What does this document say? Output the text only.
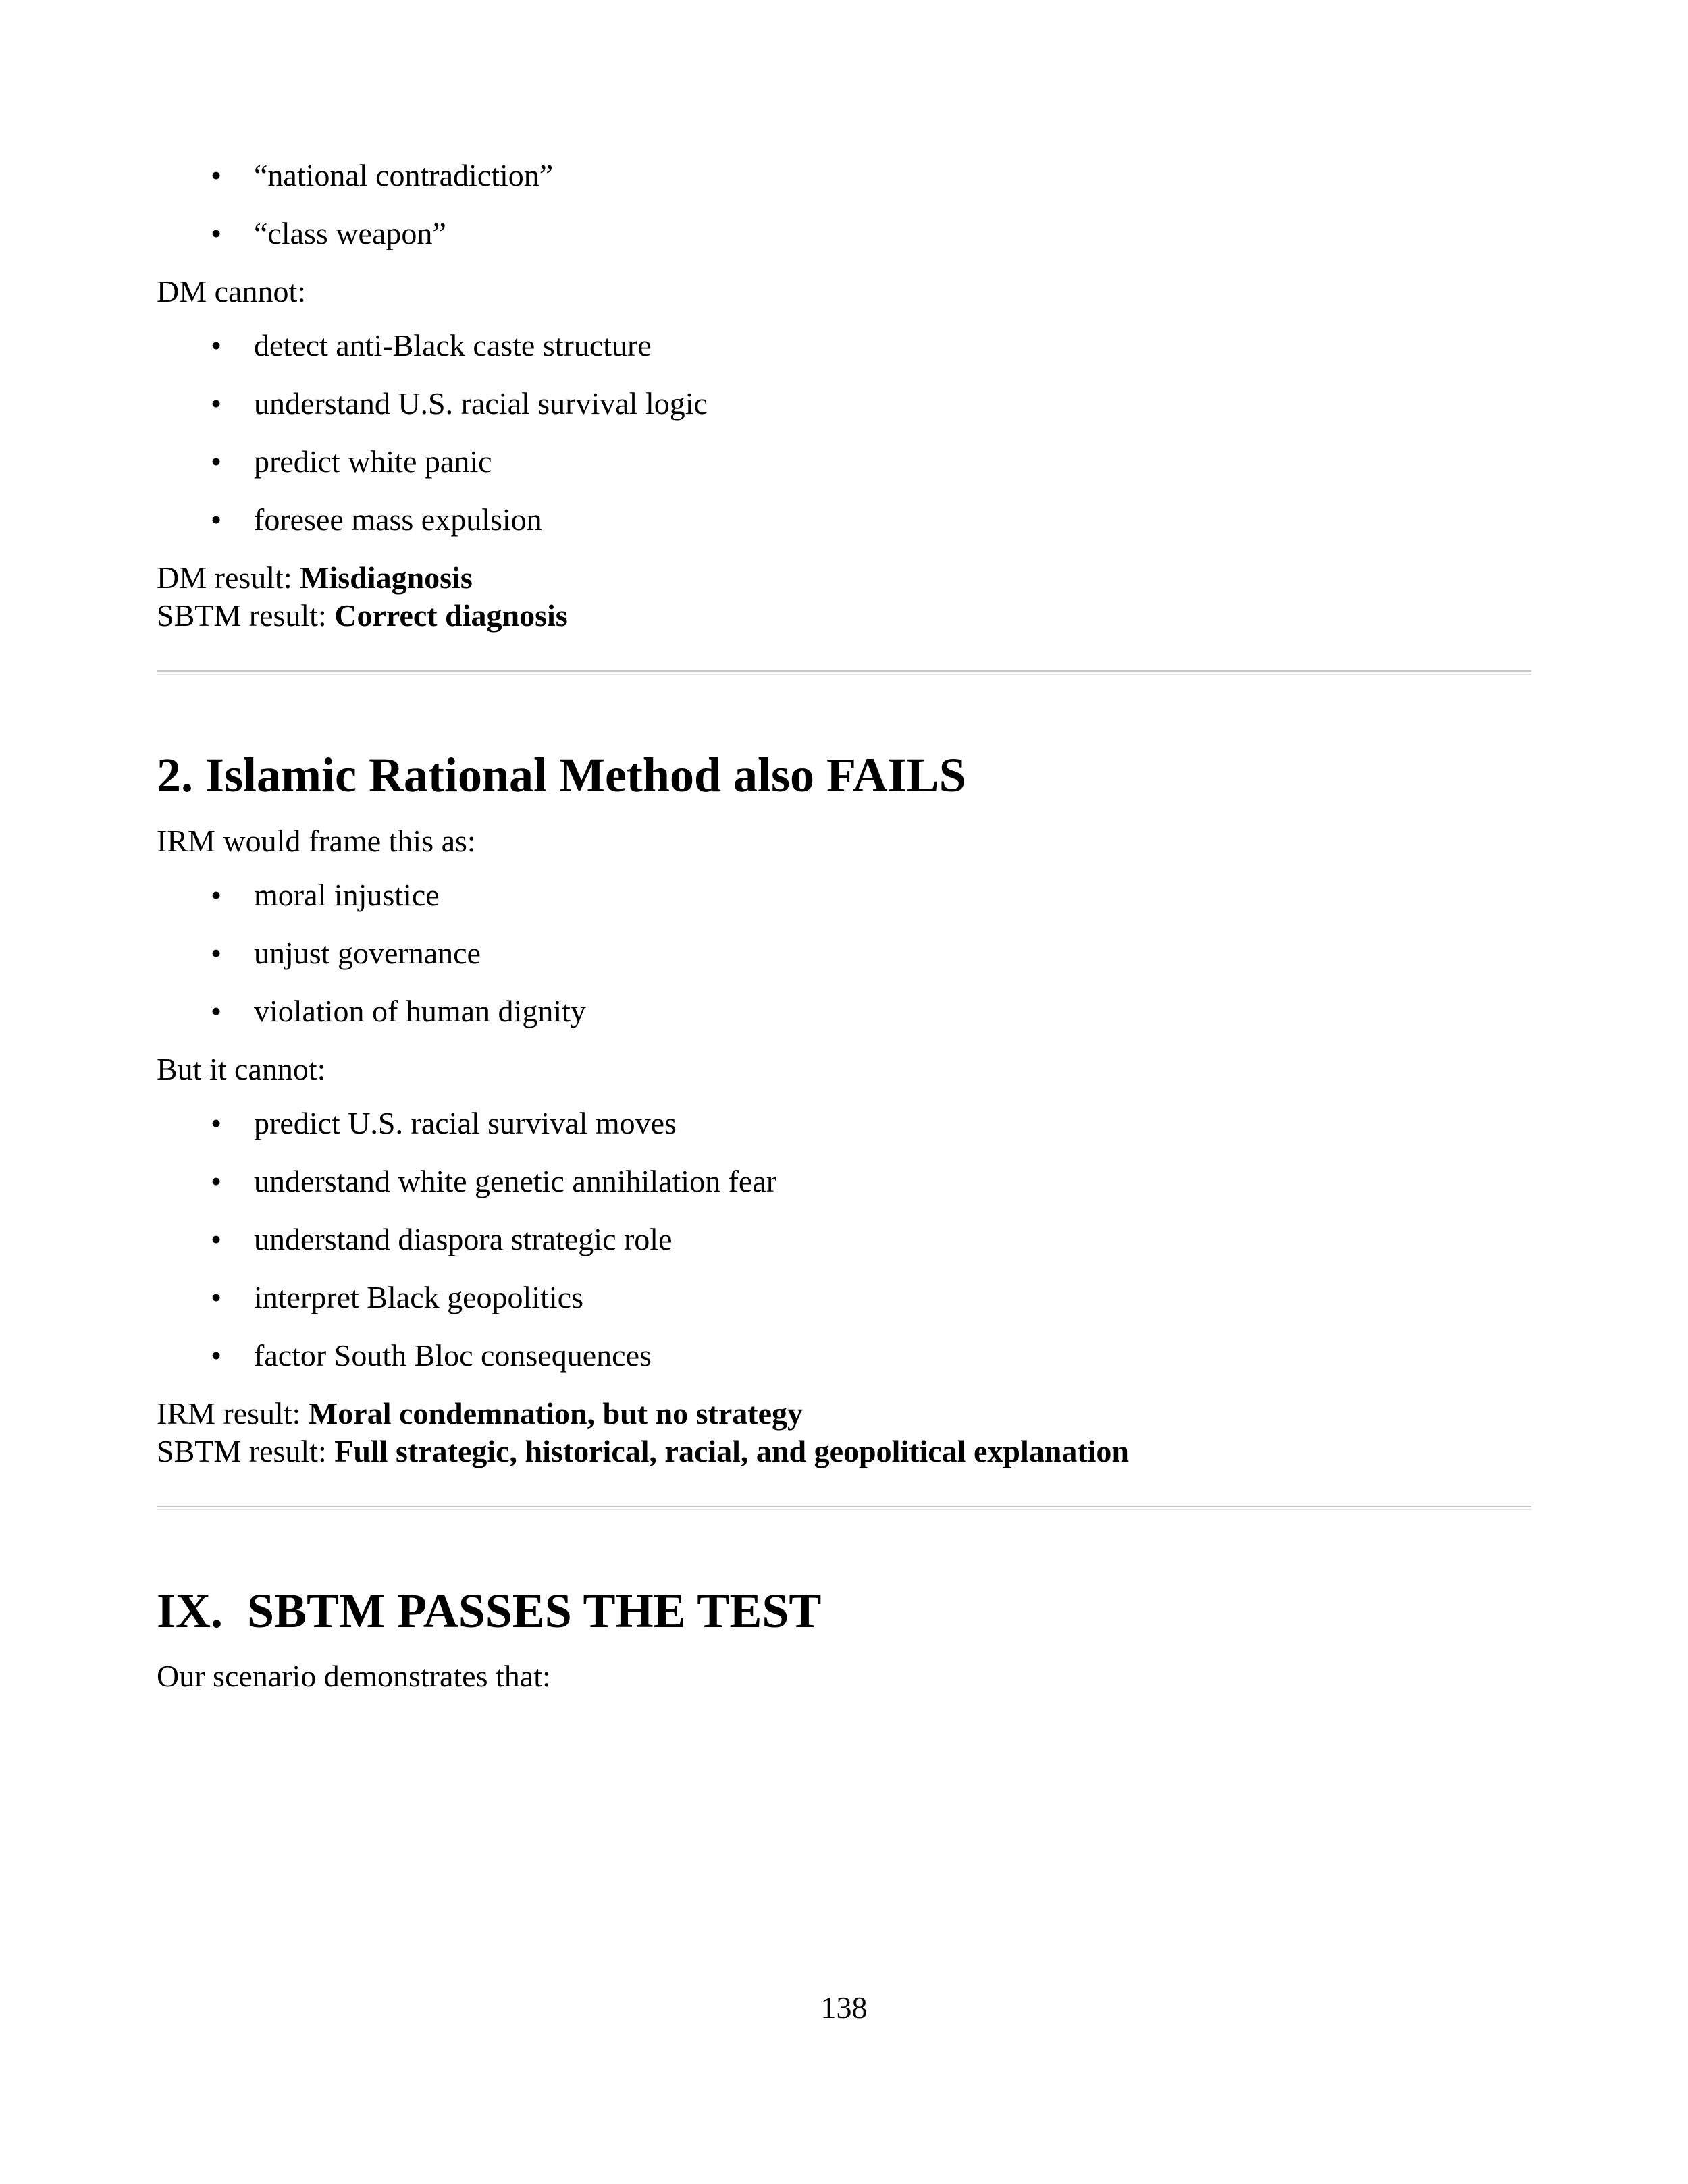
• “national contradiction”
• “class weapon”
DM cannot:
• detect anti-Black caste structure
• understand U.S. racial survival logic
• predict white panic
• foresee mass expulsion
DM result: Misdiagnosis
SBTM result: Correct diagnosis
2. Islamic Rational Method also FAILS
IRM would frame this as:
• moral injustice
• unjust governance
• violation of human dignity
But it cannot:
• predict U.S. racial survival moves
• understand white genetic annihilation fear
• understand diaspora strategic role
• interpret Black geopolitics
• factor South Bloc consequences
IRM result: Moral condemnation, but no strategy
SBTM result: Full strategic, historical, racial, and geopolitical explanation
IX.  SBTM PASSES THE TEST
Our scenario demonstrates that:
138
